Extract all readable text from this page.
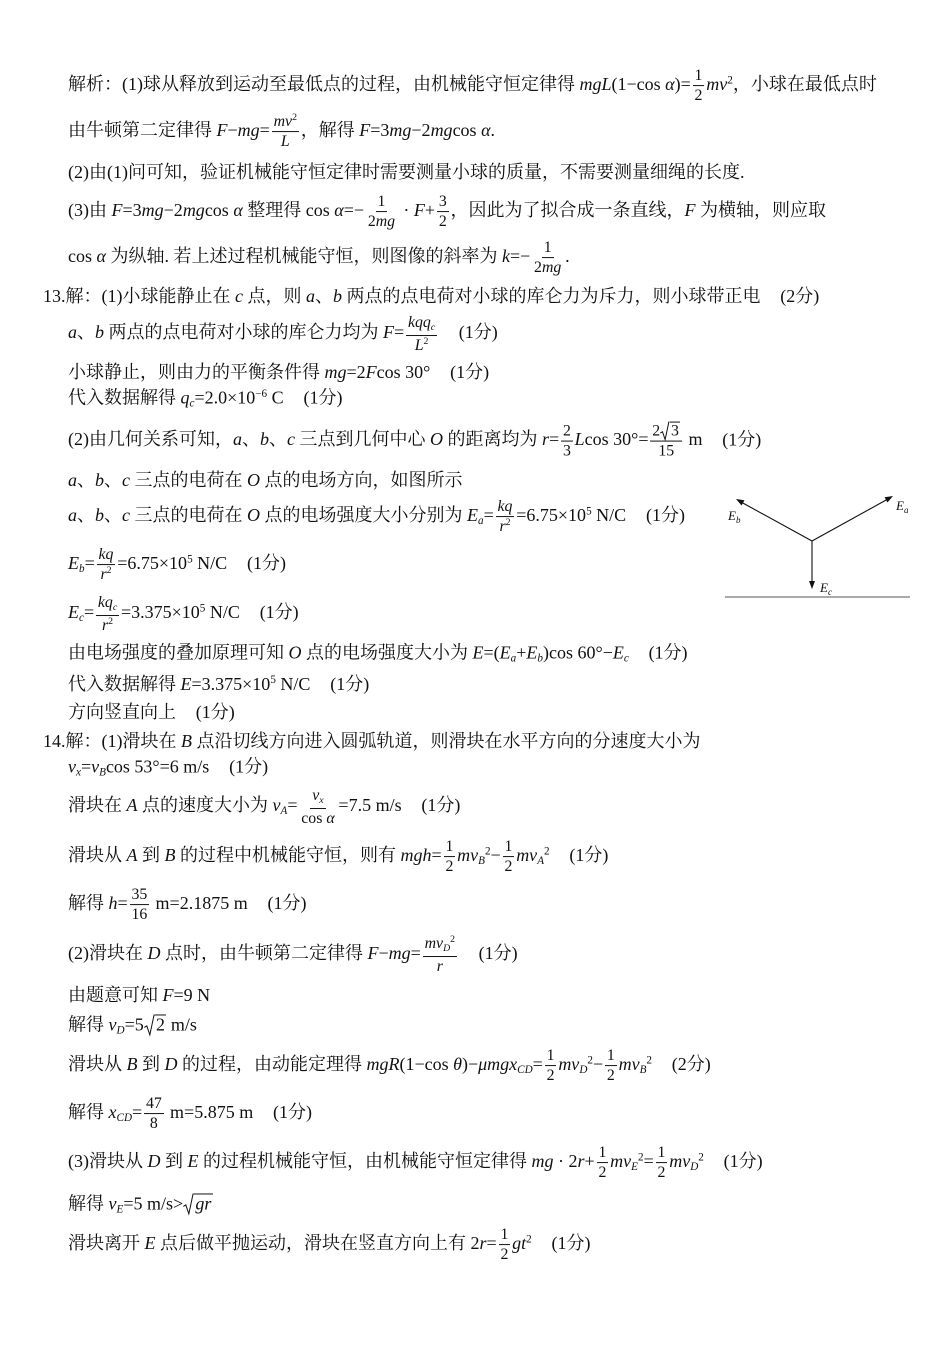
解析：(1)球从释放到运动至最低点的过程，由机械能守恒定律得 mgL(1−cos $\alpha)= \frac{1}{2} mv^2$，小球在最低点时
由牛顿第二定律得 $F-mg= \frac{mv^2}{L}$ ，解得 F=3mg−2mgcos α.
(2)由(1)问可知，验证机械能守恒定律时需要测量小球的质量，不需要测量细绳的长度.
(3)由 F=3mg−2mgcos α 整理得 $\cos \alpha=- \frac{1}{2mg} \cdot F+ \frac{3}{2}$ ，因此为了拟合成一条直线，F 为横轴，则应取
cos α 为纵轴. 若上述过程机械能守恒，则图像的斜率为 $k=- \frac{1}{2mg}$ .
13.解：(1)小球能静止在 c 点，则 a、b 两点的点电荷对小球的库仑力为斥力，则小球带正电 (2分)
a、b 两点的点电荷对小球的库仑力均为 $F= \frac{\text{kqqc}}{L^2} (1$分)
小球静止，则由力的平衡条件得 mg=2Fcos 30° (1分)
代入数据解得 $qc=2.0\times 10^{-6}$ C (1分)
(2)由几何关系可知，a、b、c 三点到几何中心 O 的距离均为 $r= \frac{2}{3}$ Lcos $30^\circ= \frac{2 3}{15}$ m (1分)
a、b、c 三点的电荷在 O 点的电场方向，如图所示
a、b、c 三点的电荷在 O 点的电场强度大小分别为 $Ea= \frac{kq}{r^2} =6.75\times 10^5$ N/C (1分)
$Eb= \frac{kq}{r^2} =6.75\times 10^5$ N/C (1分)
$Ec= \frac{\text{kqc}}{r^2} =3.375\times 10^5$ N/C (1分)
由电场强度的叠加原理可知 O 点的电场强度大小为 E=(Ea+Eb)cos 60°−Ec (1分)
代入数据解得 $E=3.375\times 10^5$ N/C (1分)
方向竖直向上 (1分)
14.解：(1)滑块在 B 点沿切线方向进入圆弧轨道，则滑块在水平方向的分速度大小为
vx=vBcos 53°=6 m/s (1分)
滑块在 A 点的速度大小为 $vA= \frac{vx}{\text{cos α}} =7.5$ m/s (1分)
滑块从 A 到 B 的过程中机械能守恒，则有 $mgh= \frac{1}{2} mvB^2- \frac{1}{2} mvA^2$ (1分)
解得 $h= \frac{35}{16} m=2.1875$ m (1分)
(2)滑块在 D 点时，由牛顿第二定律得 $F-mg= \frac{mvD^2}{r} (1$分)
由题意可知 F=9 N
解得 vD=5 2 m/s
滑块从 B 到 D 的过程，由动能定理得 mgR(1−cos θ)−μmgxCD= $\frac{1}{2} mvD^2- \frac{1}{2} mvB^2$ (2分)
解得 $xCD= \frac{47}{8} m=5.875$ m (1分)
(3)滑块从 D 到 E 的过程机械能守恒，由机械能守恒定律得 mg · $2r+ \frac{1}{2} mvE^2= \frac{1}{2} mvD^2$ (1分)
解得 vE=5 m/s> gr
滑块离开 E 点后做平抛运动，滑块在竖直方向上有 $2r= \frac{1}{2} gt^2$ (1分)
$E_b$
$E_a$
$E_c$
